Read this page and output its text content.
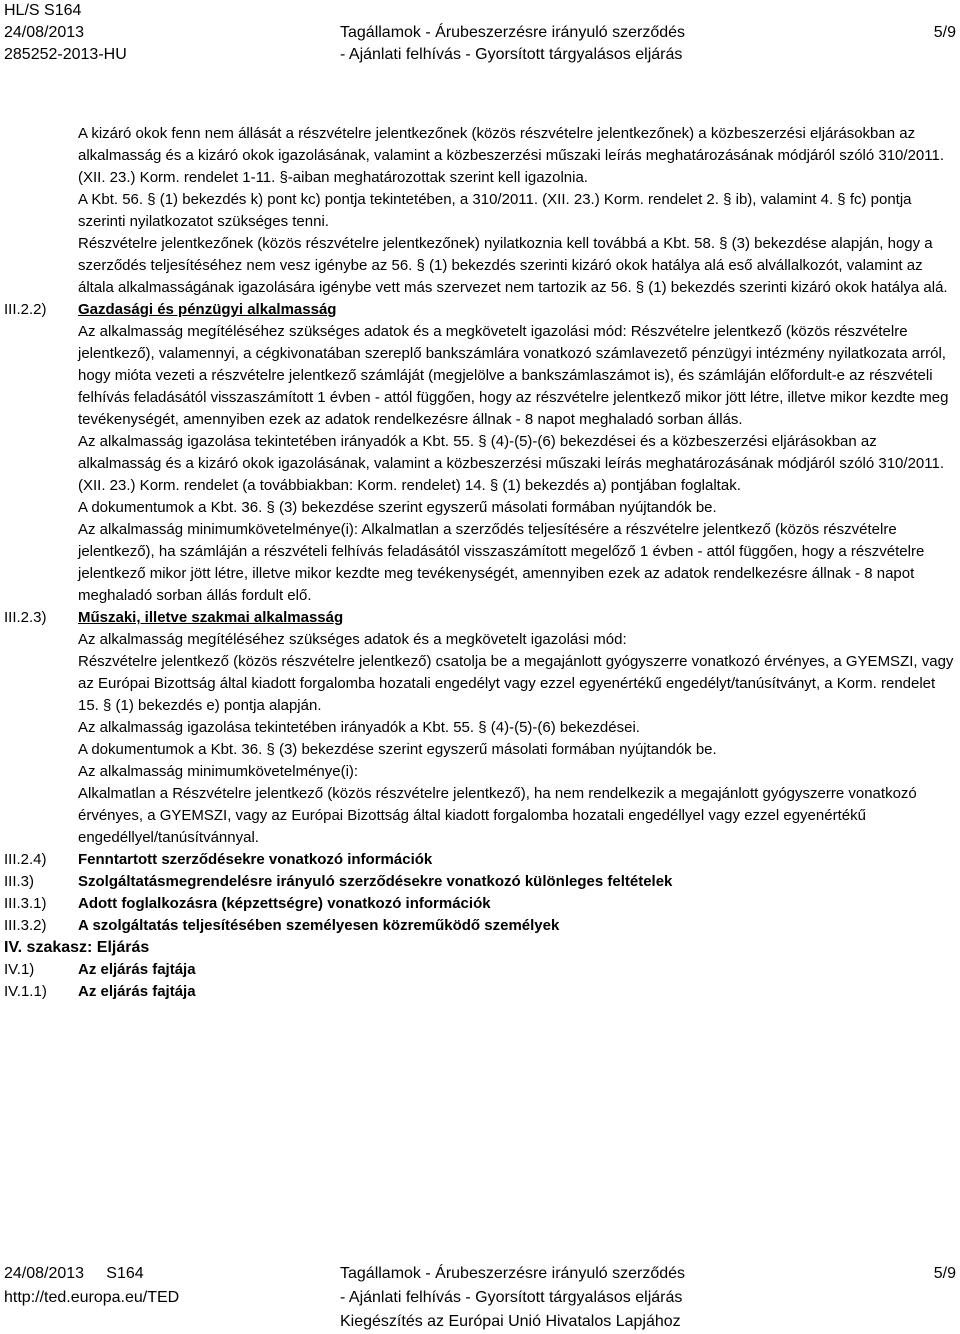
HL/S S164
24/08/2013
285252-2013-HU
Tagállamok - Árubeszerzésre irányuló szerződés
- Ajánlati felhívás - Gyorsított tárgyalásos eljárás
5/9

A kizáró okok fenn nem állását a részvételre jelentkezőnek (közös részvételre jelentkezőnek) a közbeszerzési eljárásokban az alkalmasság és a kizáró okok igazolásának, valamint a közbeszerzési műszaki leírás meghatározásának módjáról szóló 310/2011. (XII. 23.) Korm. rendelet 1-11. §-aiban meghatározottak szerint kell igazolnia.

A Kbt. 56. § (1) bekezdés k) pont kc) pontja tekintetében, a 310/2011. (XII. 23.) Korm. rendelet 2. § ib), valamint 4. § fc) pontja szerinti nyilatkozatot szükséges tenni.

Részvételre jelentkezőnek (közös részvételre jelentkezőnek) nyilatkoznia kell továbbá a Kbt. 58. § (3) bekezdése alapján, hogy a szerződés teljesítéséhez nem vesz igénybe az 56. § (1) bekezdés szerinti kizáró okok hatálya alá eső alvállalkozót, valamint az általa alkalmasságának igazolására igénybe vett más szervezet nem tartozik az 56. § (1) bekezdés szerinti kizáró okok hatálya alá.

III.2.2)	Gazdasági és pénzügyi alkalmasság

Az alkalmasság megítéléséhez szükséges adatok és a megkövetelt igazolási mód: Részvételre jelentkező (közös részvételre jelentkező), valamennyi, a cégkivonatában szereplő bankszámlára vonatkozó számlavezető pénzügyi intézmény nyilatkozata arról, hogy mióta vezeti a részvételre jelentkező számláját (megjelölve a bankszámlaszámot is), és számláján előfordult-e az részvételi felhívás feladásától visszaszámított 1 évben - attól függően, hogy az részvételre jelentkező mikor jött létre, illetve mikor kezdte meg tevékenységét, amennyiben ezek az adatok rendelkezésre állnak - 8 napot meghaladó sorban állás.

Az alkalmasság igazolása tekintetében irányadók a Kbt. 55. § (4)-(5)-(6) bekezdései és a közbeszerzési eljárásokban az alkalmasság és a kizáró okok igazolásának, valamint a közbeszerzési műszaki leírás meghatározásának módjáról szóló 310/2011. (XII. 23.) Korm. rendelet (a továbbiakban: Korm. rendelet) 14. § (1) bekezdés a) pontjában foglaltak.

A dokumentumok a Kbt. 36. § (3) bekezdése szerint egyszerű másolati formában nyújtandók be.

Az alkalmasság minimumkövetelménye(i): Alkalmatlan a szerződés teljesítésére a részvételre jelentkező (közös részvételre jelentkező), ha számláján a részvételi felhívás feladásától visszaszámított megelőző 1 évben - attól függően, hogy a részvételre jelentkező mikor jött létre, illetve mikor kezdte meg tevékenységét, amennyiben ezek az adatok rendelkezésre állnak - 8 napot meghaladó sorban állás fordult elő.

III.2.3)	Műszaki, illetve szakmai alkalmasság

Az alkalmasság megítéléséhez szükséges adatok és a megkövetelt igazolási mód:

Részvételre jelentkező (közös részvételre jelentkező) csatolja be a megajánlott gyógyszerre vonatkozó érvényes, a GYEMSZI, vagy az Európai Bizottság által kiadott forgalomba hozatali engedélyt vagy ezzel egyenértékű engedélyt/tanúsítványt, a Korm. rendelet 15. § (1) bekezdés e) pontja alapján.

Az alkalmasság igazolása tekintetében irányadók a Kbt. 55. § (4)-(5)-(6) bekezdései.

A dokumentumok a Kbt. 36. § (3) bekezdése szerint egyszerű másolati formában nyújtandók be.

Az alkalmasság minimumkövetelménye(i):

Alkalmatlan a Részvételre jelentkező (közös részvételre jelentkező), ha nem rendelkezik a megajánlott gyógyszerre vonatkozó érvényes, a GYEMSZI, vagy az Európai Bizottság által kiadott forgalomba hozatali engedéllyel vagy ezzel egyenértékű engedéllyel/tanúsítvánnyal.

III.2.4)	Fenntartott szerződésekre vonatkozó információk

III.3)	Szolgáltatásmegrendelésre irányuló szerződésekre vonatkozó különleges feltételek

III.3.1)	Adott foglalkozásra (képzettségre) vonatkozó információk

III.3.2)	A szolgáltatás teljesítésében személyesen közreműködő személyek

IV. szakasz: Eljárás
IV.1)	Az eljárás fajtája
IV.1.1)	Az eljárás fajtája
24/08/2013     S164
http://ted.europa.eu/TED
Tagállamok - Árubeszerzésre irányuló szerződés
- Ajánlati felhívás - Gyorsított tárgyalásos eljárás
Kiegészítés az Európai Unió Hivatalos Lapjához
5/9
